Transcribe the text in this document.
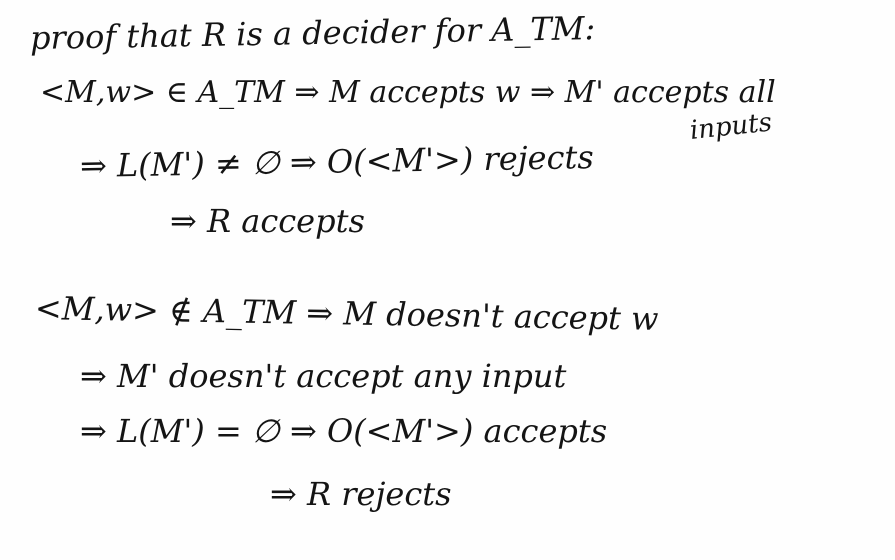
proof that R is a decider for A_TM:
<M,w> ∈ A_TM ⇒ M accepts w ⇒ M' accepts all
inputs
⇒ L(M') ≠ ∅ ⇒ O(<M'>) rejects
⇒ R accepts
<M,w> ∉ A_TM ⇒ M doesn't accept w
⇒ M' doesn't accept any input
⇒ L(M') = ∅ ⇒ O(<M'>) accepts
⇒ R rejects
